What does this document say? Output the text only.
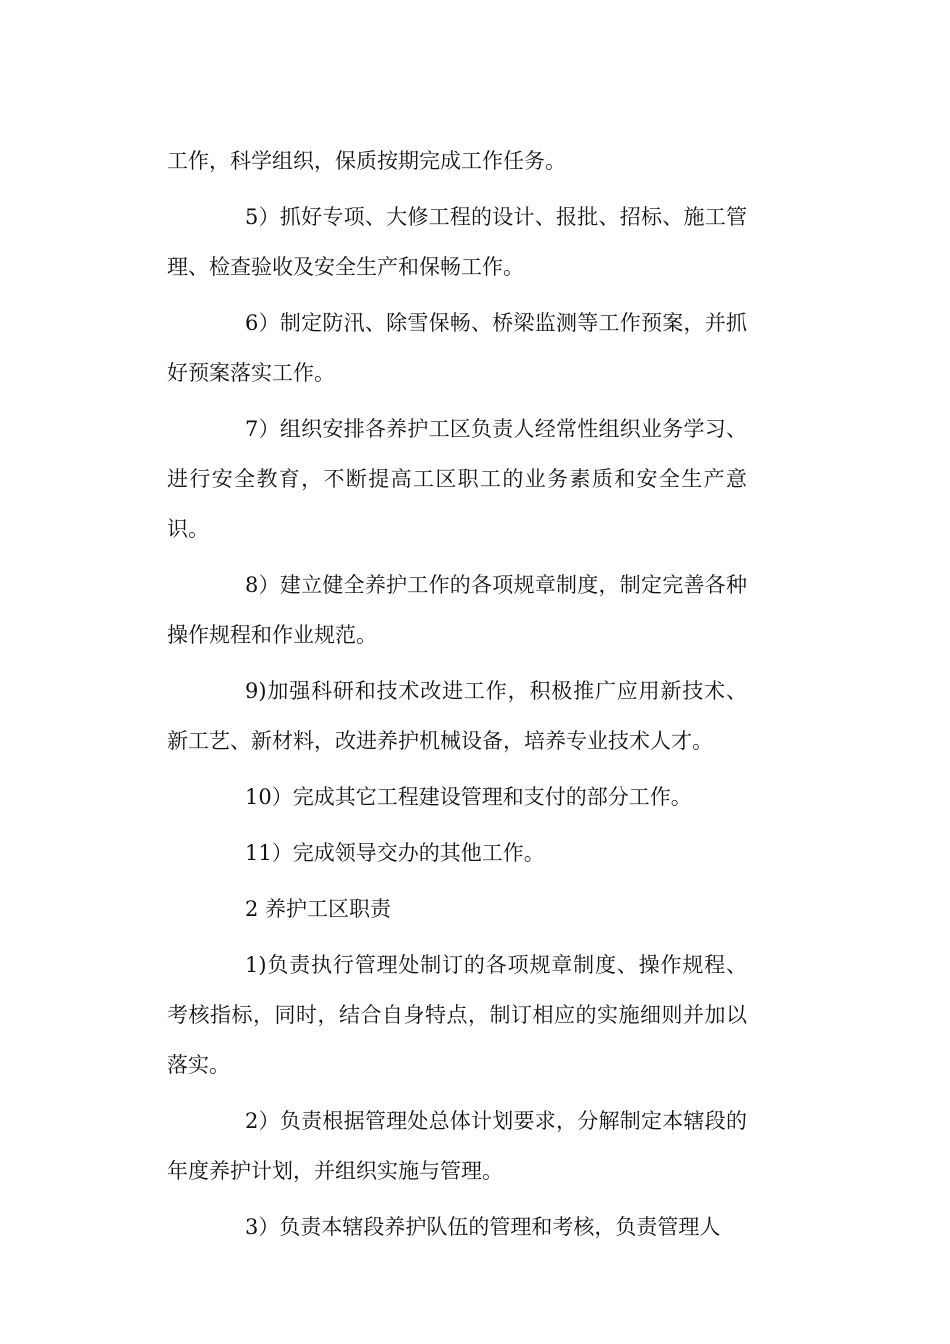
工作，科学组织，保质按期完成工作任务。

5）抓好专项、大修工程的设计、报批、招标、施工管理、检查验收及安全生产和保畅工作。

6）制定防汛、除雪保畅、桥梁监测等工作预案，并抓好预案落实工作。

7）组织安排各养护工区负责人经常性组织业务学习、进行安全教育，不断提高工区职工的业务素质和安全生产意识。

8）建立健全养护工作的各项规章制度，制定完善各种操作规程和作业规范。

9)加强科研和技术改进工作，积极推广应用新技术、新工艺、新材料，改进养护机械设备，培养专业技术人才。

10）完成其它工程建设管理和支付的部分工作。

11）完成领导交办的其他工作。

2 养护工区职责

1)负责执行管理处制订的各项规章制度、操作规程、考核指标，同时，结合自身特点，制订相应的实施细则并加以落实。

2）负责根据管理处总体计划要求，分解制定本辖段的年度养护计划，并组织实施与管理。

3）负责本辖段养护队伍的管理和考核，负责管理人
